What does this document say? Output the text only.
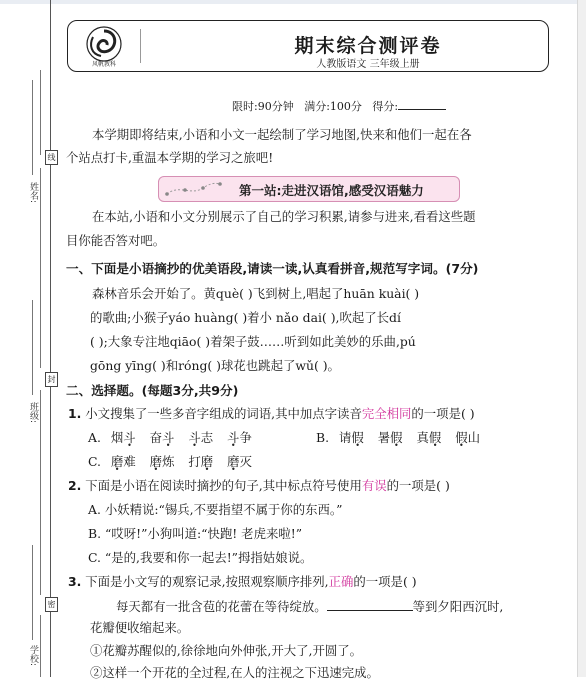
线
封
密
姓名:
班级:
学校:
风帆教科
期末综合测评卷
人教版语文 三年级上册
限时:90分钟 满分:100分 得分:
本学期即将结束,小语和小文一起绘制了学习地图,快来和他们一起在各
个站点打卡,重温本学期的学习之旅吧!
第一站:走进汉语馆,感受汉语魅力
在本站,小语和小文分别展示了自己的学习积累,请参与进来,看看这些题
目你能否答对吧。
一、下面是小语摘抄的优美语段,请读一读,认真看拼音,规范写字词。(7分)
森林音乐会开始了。黄què( )飞到树上,唱起了huān kuài( )
的歌曲;小猴子yáo huàng( )着小 nǎo dai( ),吹起了长dí
( );大象专注地qiāo( )着架子鼓……听到如此美妙的乐曲,pú
gōng yīng( )和róng( )球花也跳起了wǔ( )。
二、选择题。(每题3分,共9分)
1. 小文搜集了一些多音字组成的词语,其中加点字读音完全相同的一项是( )
A. 烟斗 奋斗 斗志 斗争	B. 请假 暑假 真假 假山
C. 磨难 磨炼 打磨 磨灭
2. 下面是小语在阅读时摘抄的句子,其中标点符号使用有误的一项是( )
A. 小妖精说:“锡兵,不要指望不属于你的东西。”
B. “哎呀!”小狗叫道:“快跑! 老虎来啦!”
C. “是的,我要和你一起去!”拇指姑娘说。
3. 下面是小文写的观察记录,按照观察顺序排列,正确的一项是( )
每天都有一批含苞的花蕾在等待绽放。	等到夕阳西沉时,
花瓣便收缩起来。
①花瓣苏醒似的,徐徐地向外伸张,开大了,开圆了。
②这样一个开花的全过程,在人的注视之下迅速完成。
